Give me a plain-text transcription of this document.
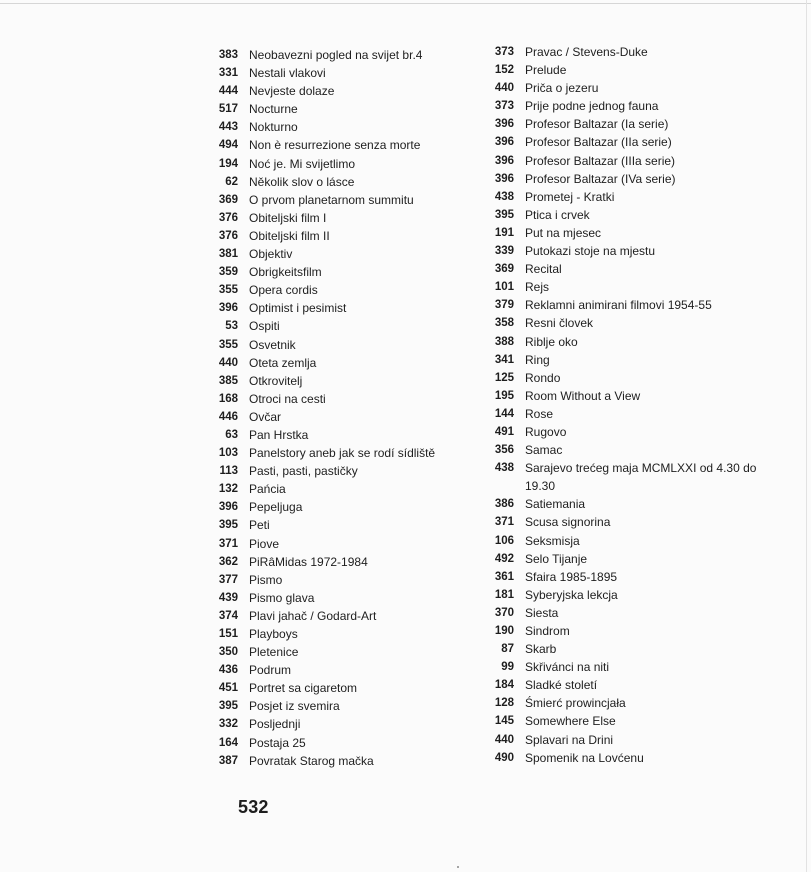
383 Neobavezni pogled na svijet br.4
331 Nestali vlakovi
444 Nevjeste dolaze
517 Nocturne
443 Nokturno
494 Non è resurrezione senza morte
194 Noć je. Mi svijetlimo
62 Několik slov o lásce
369 O prvom planetarnom summitu
376 Obiteljski film I
376 Obiteljski film II
381 Objektiv
359 Obrigkeitsfilm
355 Opera cordis
396 Optimist i pesimist
53 Ospiti
355 Osvetnik
440 Oteta zemlja
385 Otkrovitelj
168 Otroci na cesti
446 Ovčar
63 Pan Hrstka
103 Panelstory aneb jak se rodí sídliště
113 Pasti, pasti, pastičky
132 Pańcia
396 Pepeljuga
395 Peti
371 Piove
362 PiRâMidas 1972-1984
377 Pismo
439 Pismo glava
374 Plavi jahač / Godard-Art
151 Playboys
350 Pletenice
436 Podrum
451 Portret sa cigaretom
395 Posjet iz svemira
332 Posljednji
164 Postaja 25
387 Povratak Starog mačka
373 Pravac / Stevens-Duke
152 Prelude
440 Priča o jezeru
373 Prije podne jednog fauna
396 Profesor Baltazar (Ia serie)
396 Profesor Baltazar (IIa serie)
396 Profesor Baltazar (IIIa serie)
396 Profesor Baltazar (IVa serie)
438 Prometej - Kratki
395 Ptica i crvek
191 Put na mjesec
339 Putokazi stoje na mjestu
369 Recital
101 Rejs
379 Reklamni animirani filmovi 1954-55
358 Resni človek
388 Riblje oko
341 Ring
125 Rondo
195 Room Without a View
144 Rose
491 Rugovo
356 Samac
438 Sarajevo trećeg maja MCMLXXI od 4.30 do 19.30
386 Satiemania
371 Scusa signorina
106 Seksmisja
492 Selo Tijanje
361 Sfaira 1985-1895
181 Syberyjska lekcja
370 Siesta
190 Sindrom
87 Skarb
99 Skřivánci na niti
184 Sladké století
128 Śmierć prowincjała
145 Somewhere Else
440 Splavari na Drini
490 Spomenik na Lovćenu
532
